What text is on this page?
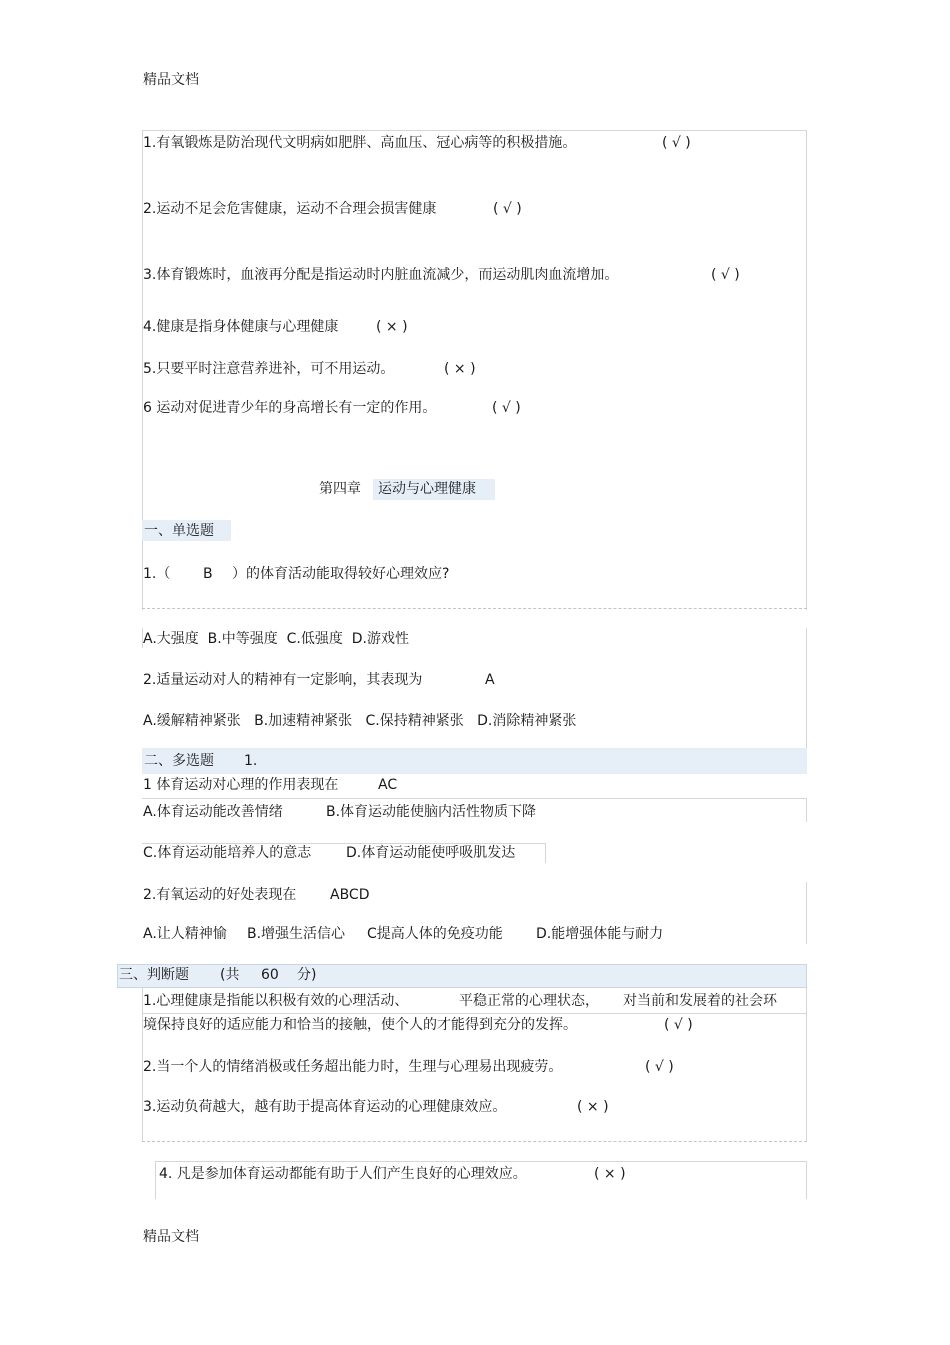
精品文档
1.有氧锻炼是防治现代文明病如肥胖、高血压、冠心病等的积极措施。	( √ )
2.运动不足会危害健康，运动不合理会损害健康	( √ )
3.体育锻炼时，血液再分配是指运动时内脏血流减少，而运动肌肉血流增加。	( √ )
4.健康是指身体健康与心理健康	( × )
5.只要平时注意营养进补，可不用运动。	( × )
6 运动对促进青少年的身高增长有一定的作用。	( √ )
第四章 运动与心理健康
一、单选题
1.（ B ）的体育活动能取得较好心理效应?
A.大强度  B.中等强度  C.低强度  D.游戏性
2.适量运动对人的精神有一定影响，其表现为	A
A.缓解精神紧张   B.加速精神紧张   C.保持精神紧张   D.消除精神紧张
二、多选题 1.
1 体育运动对心理的作用表现在	AC
A.体育运动能改善情绪	B.体育运动能使脑内活性物质下降
C.体育运动能培养人的意志 D.体育运动能使呼吸肌发达
2.有氧运动的好处表现在 ABCD
A.让人精神愉 B.增强生活信心 C提高人体的免疫功能 D.能增强体能与耐力
三、判断题 (共 60 分)
1.心理健康是指能以积极有效的心理活动、	平稳正常的心理状态， 对当前和发展着的社会环
境保持良好的适应能力和恰当的接触，使个人的才能得到充分的发挥。	( √ )
2.当一个人的情绪消极或任务超出能力时，生理与心理易出现疲劳。	( √ )
3.运动负荷越大，越有助于提高体育运动的心理健康效应。	( × )
4. 凡是参加体育运动都能有助于人们产生良好的心理效应。	( × )
精品文档
